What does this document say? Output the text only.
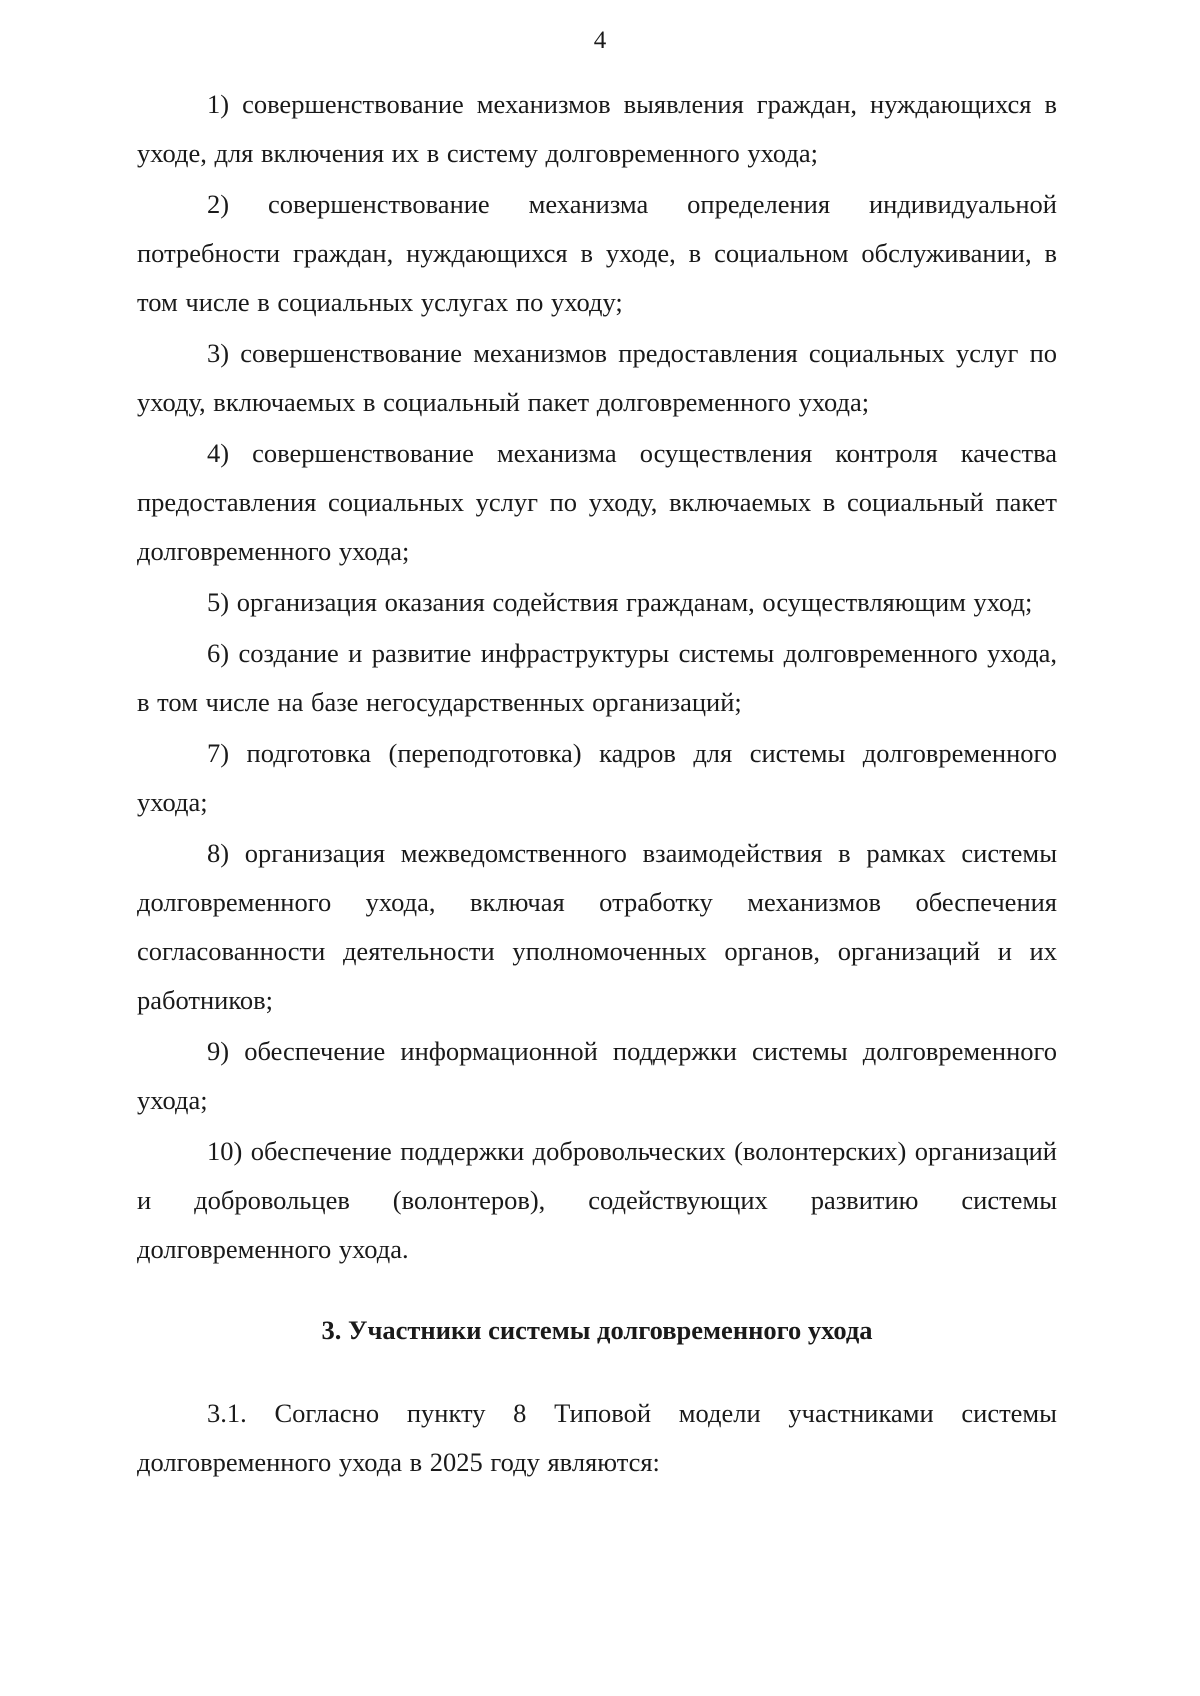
4

1) совершенствование механизмов выявления граждан, нуждающихся в уходе, для включения их в систему долговременного ухода;

2) совершенствование механизма определения индивидуальной потребности граждан, нуждающихся в уходе, в социальном обслуживании, в том числе в социальных услугах по уходу;

3) совершенствование механизмов предоставления социальных услуг по уходу, включаемых в социальный пакет долговременного ухода;

4) совершенствование механизма осуществления контроля качества предоставления социальных услуг по уходу, включаемых в социальный пакет долговременного ухода;

5) организация оказания содействия гражданам, осуществляющим уход;

6) создание и развитие инфраструктуры системы долговременного ухода, в том числе на базе негосударственных организаций;

7) подготовка (переподготовка) кадров для системы долговременного ухода;

8) организация межведомственного взаимодействия в рамках системы долговременного ухода, включая отработку механизмов обеспечения согласованности деятельности уполномоченных органов, организаций и их работников;

9) обеспечение информационной поддержки системы долговременного ухода;

10) обеспечение поддержки добровольческих (волонтерских) организаций и добровольцев (волонтеров), содействующих развитию системы долговременного ухода.

3. Участники системы долговременного ухода

3.1. Согласно пункту 8 Типовой модели участниками системы долговременного ухода в 2025 году являются:
